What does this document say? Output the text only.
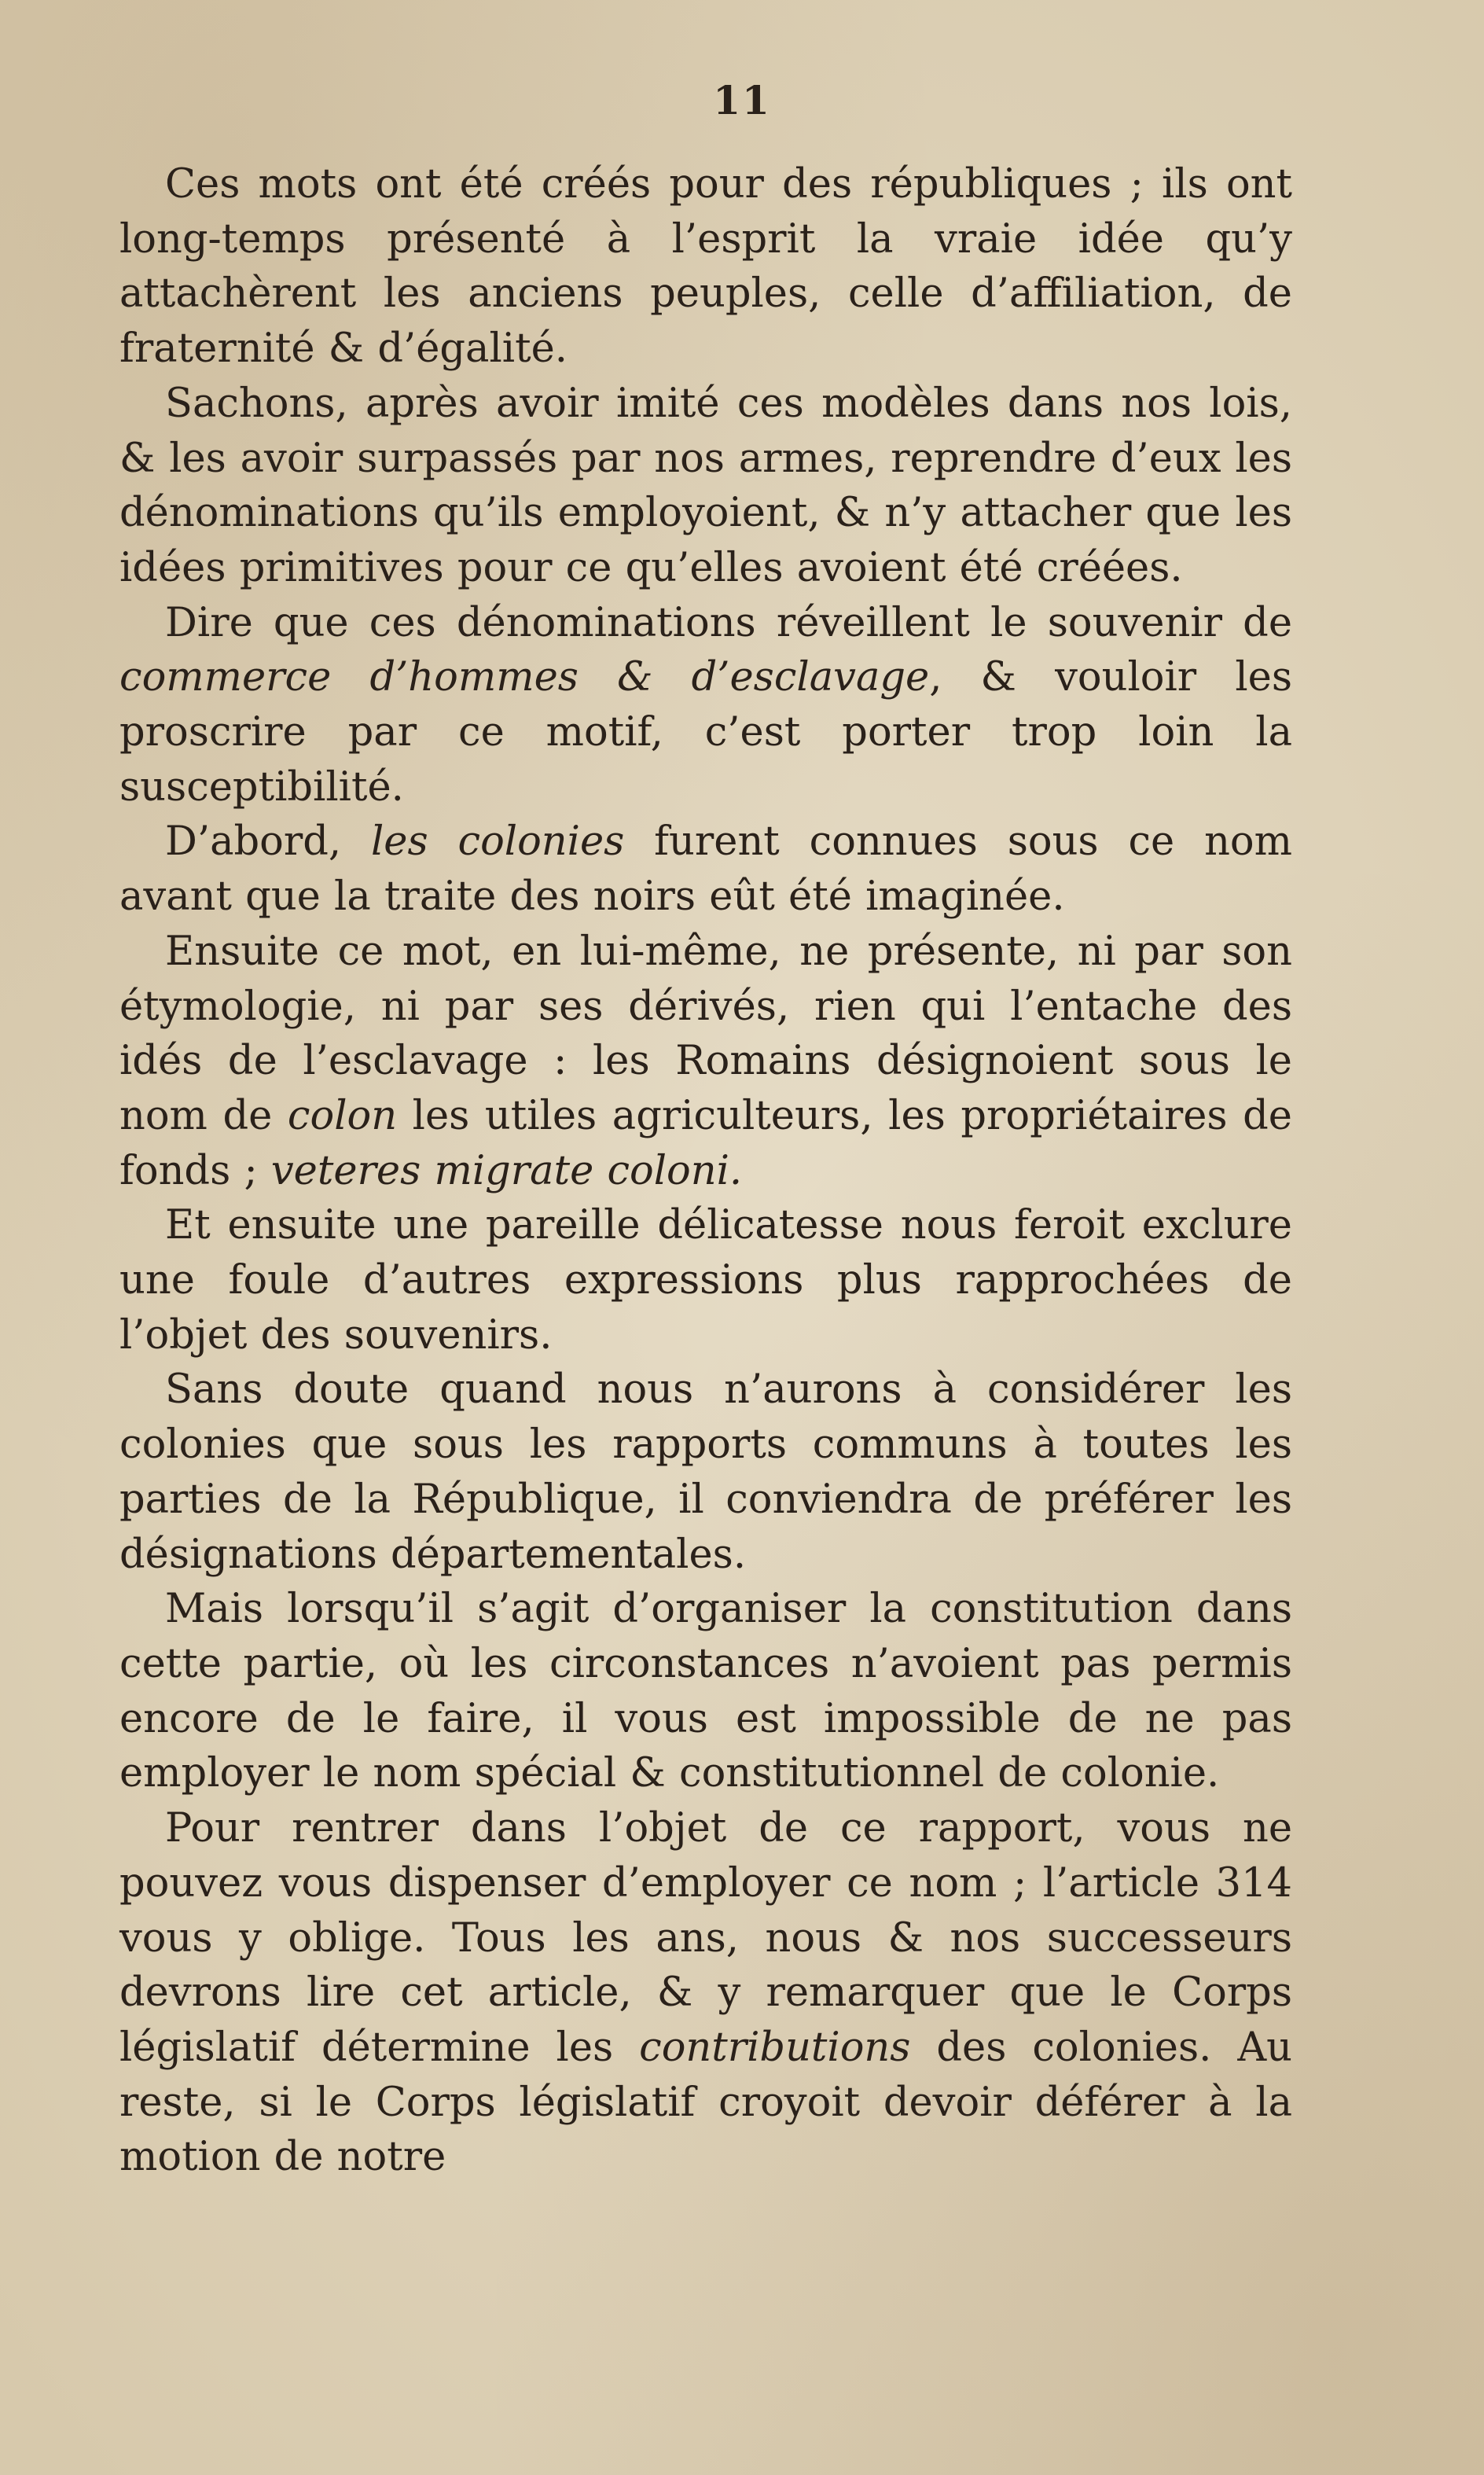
11

Ces mots ont été créés pour des républiques ; ils ont long-temps présenté à l’esprit la vraie idée qu’y attachèrent les anciens peuples, celle d’affiliation, de fraternité & d’égalité.

Sachons, après avoir imité ces modèles dans nos lois, & les avoir surpassés par nos armes, reprendre d’eux les dénominations qu’ils employoient, & n’y attacher que les idées primitives pour ce qu’elles avoient été créées.

Dire que ces dénominations réveillent le souvenir de commerce d’hommes & d’esclavage, & vouloir les proscrire par ce motif, c’est porter trop loin la susceptibilité.

D’abord, les colonies furent connues sous ce nom avant que la traite des noirs eût été imaginée.

Ensuite ce mot, en lui-même, ne présente, ni par son étymologie, ni par ses dérivés, rien qui l’entache des idés de l’esclavage : les Romains désignoient sous le nom de colon les utiles agriculteurs, les propriétaires de fonds ; veteres migrate coloni.

Et ensuite une pareille délicatesse nous feroit exclure une foule d’autres expressions plus rapprochées de l’objet des souvenirs.

Sans doute quand nous n’aurons à considérer les colonies que sous les rapports communs à toutes les parties de la République, il conviendra de préférer les désignations départementales.

Mais lorsqu’il s’agit d’organiser la constitution dans cette partie, où les circonstances n’avoient pas permis encore de le faire, il vous est impossible de ne pas employer le nom spécial & constitutionnel de colonie.

Pour rentrer dans l’objet de ce rapport, vous ne pouvez vous dispenser d’employer ce nom ; l’article 314 vous y oblige. Tous les ans, nous & nos successeurs devrons lire cet article, & y remarquer que le Corps législatif détermine les contributions des colonies. Au reste, si le Corps législatif croyoit devoir déférer à la motion de notre
